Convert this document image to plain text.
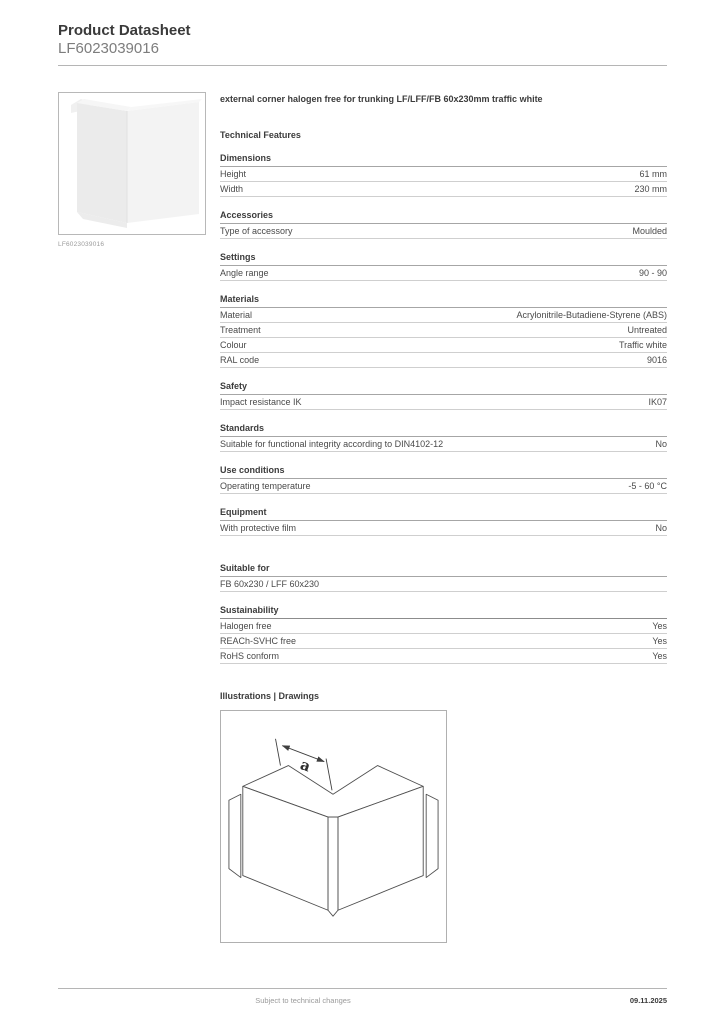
Product Datasheet
LF6023039016
LF6023039016
external corner halogen free for trunking LF/LFF/FB 60x230mm traffic white
Technical Features
Dimensions
Height	61 mm
Width	230 mm
Accessories
Type of accessory	Moulded
Settings
Angle range	90 - 90
Materials
Material	Acrylonitrile-Butadiene-Styrene (ABS)
Treatment	Untreated
Colour	Traffic white
RAL code	9016
Safety
Impact resistance IK	IK07
Standards
Suitable for functional integrity according to DIN4102-12	No
Use conditions
Operating temperature	-5 - 60 °C
Equipment
With protective film	No
Suitable for
FB 60x230 / LFF 60x230
Sustainability
Halogen free	Yes
REACh-SVHC free	Yes
RoHS conform	Yes
Illustrations | Drawings
a
Subject to technical changes	09.11.2025
